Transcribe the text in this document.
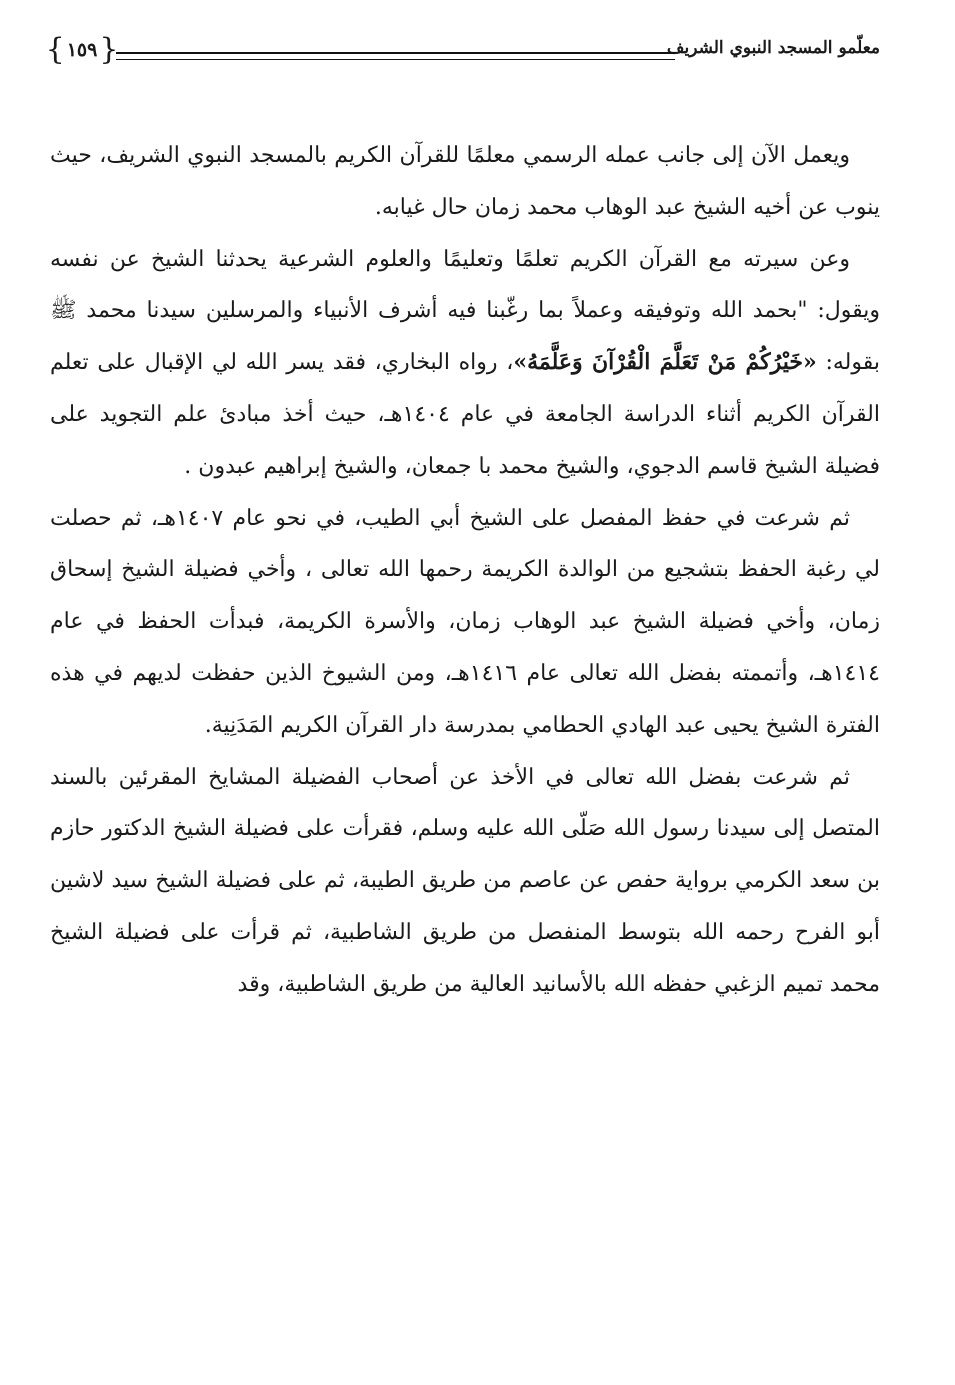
معلّمو المسجد النبوي الشريف
{
١٥٩
}

ويعمل الآن إلى جانب عمله الرسمي معلمًا للقرآن الكريم بالمسجد النبوي الشريف، حيث ينوب عن أخيه الشيخ عبد الوهاب محمد زمان حال غيابه.

وعن سيرته مع القرآن الكريم تعلمًا وتعليمًا والعلوم الشرعية يحدثنا الشيخ عن نفسه ويقول: "بحمد الله وتوفيقه وعملاً بما رغّبنا فيه أشرف الأنبياء والمرسلين سيدنا محمد ﷺ بقوله: «خَيْرُكُمْ مَنْ تَعَلَّمَ الْقُرْآنَ وَعَلَّمَهُ»، رواه البخاري، فقد يسر الله لي الإقبال على تعلم القرآن الكريم أثناء الدراسة الجامعة في عام ١٤٠٤هـ، حيث أخذ مبادئ علم التجويد على فضيلة الشيخ قاسم الدجوي، والشيخ محمد با جمعان، والشيخ إبراهيم عبدون .

ثم شرعت في حفظ المفصل على الشيخ أبي الطيب، في نحو عام ١٤٠٧هـ، ثم حصلت لي رغبة الحفظ بتشجيع من الوالدة الكريمة رحمها الله تعالى ، وأخي فضيلة الشيخ إسحاق زمان، وأخي فضيلة الشيخ عبد الوهاب زمان، والأسرة الكريمة، فبدأت الحفظ في عام ١٤١٤هـ، وأتممته بفضل الله تعالى عام ١٤١٦هـ، ومن الشيوخ الذين حفظت لديهم في هذه الفترة الشيخ يحيى عبد الهادي الحطامي بمدرسة دار القرآن الكريم المَدَنِية.

ثم شرعت بفضل الله تعالى في الأخذ عن أصحاب الفضيلة المشايخ المقرئين بالسند المتصل إلى سيدنا رسول الله صَلّى الله عليه وسلم، فقرأت على فضيلة الشيخ الدكتور حازم بن سعد الكرمي برواية حفص عن عاصم من طريق الطيبة، ثم على فضيلة الشيخ سيد لاشين أبو الفرح رحمه الله بتوسط المنفصل من طريق الشاطبية، ثم قرأت على فضيلة الشيخ محمد تميم الزغبي حفظه الله بالأسانيد العالية من طريق الشاطبية، وقد
